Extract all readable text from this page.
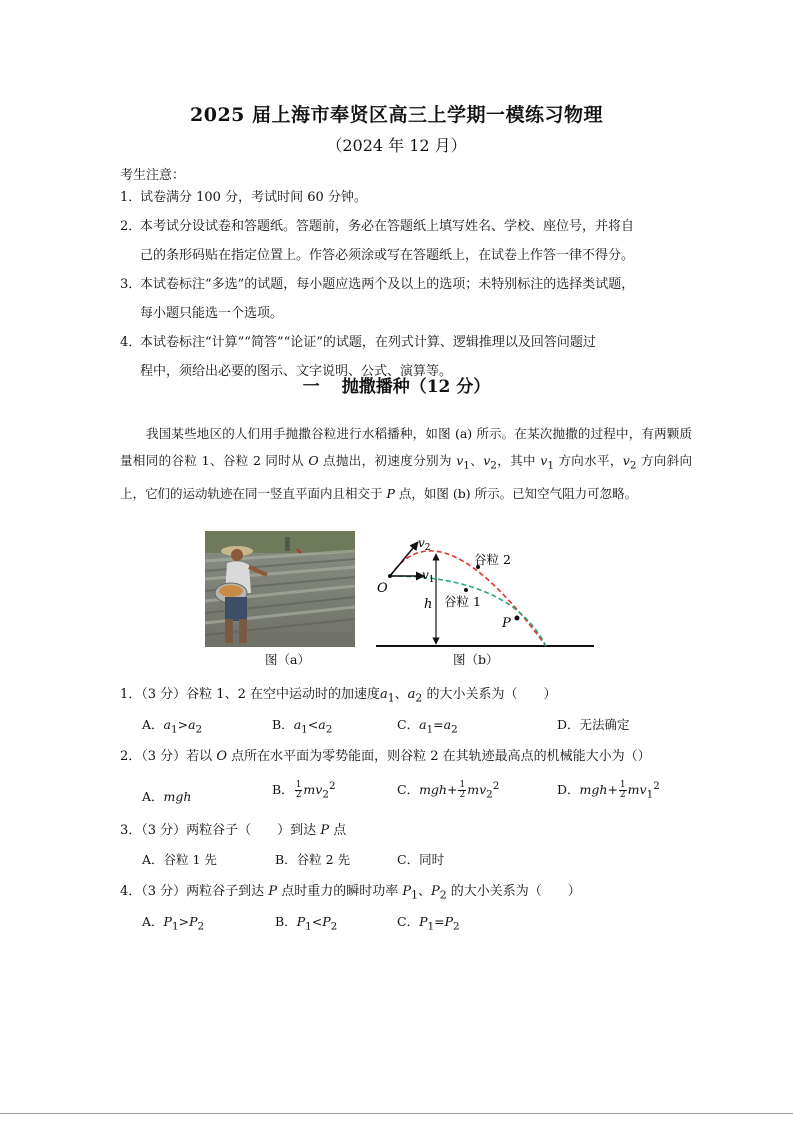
2025 届上海市奉贤区高三上学期一模练习物理
（2024 年 12 月）
考生注意：
1．试卷满分 100 分，考试时间 60 分钟。
2．本考试分设试卷和答题纸。答题前，务必在答题纸上填写姓名、学校、座位号，并将自
己的条形码贴在指定位置上。作答必须涂或写在答题纸上，在试卷上作答一律不得分。
3．本试卷标注“多选”的试题，每小题应选两个及以上的选项；未特别标注的选择类试题，
每小题只能选一个选项。
4．本试卷标注“计算”“简答”“论证”的试题，在列式计算、逻辑推理以及回答问题过
程中，须给出必要的图示、文字说明、公式、演算等。
一 抛撒播种（12 分）
我国某些地区的人们用手抛撒谷粒进行水稻播种，如图 (a) 所示。在某次抛撒的过程中，有两颗质量相同的谷粒 1、谷粒 2 同时从 O 点抛出，初速度分别为 $v_1$、$v_2$，其中 $v_1$ 方向水平，$v_2$ 方向斜向上，它们的运动轨迹在同一竖直平面内且相交于 P 点，如图 (b) 所示。已知空气阻力可忽略。
图（a）
O
$v_2$
$v_1$
h
P
谷粒 2
谷粒 1
图（b）
1．（3 分）谷粒 1、2 在空中运动时的加速度$a_1$、$a_2$ 的大小关系为（　　）
A．$a_1>a_2$	B．$a_1<a_2$	C．$a_1=a_2$	D．无法确定
2．（3 分）若以 O 点所在水平面为零势能面，则谷粒 2 在其轨迹最高点的机械能大小为（）
A．mgh	B． $\frac{1}{2} mv_2^2$	C．$mgh+ \frac{1}{2} mv_2^2$	D．$mgh+ \frac{1}{2} mv_1^2$
3．（3 分）两粒谷子（　　）到达 P 点
A．谷粒 1 先	B．谷粒 2 先	C．同时
4．（3 分）两粒谷子到达 P 点时重力的瞬时功率 $P_1$、$P_2$ 的大小关系为（　　）
A．$P_1>P_2$	B．$P_1<P_2$	C．$P_1=P_2$
